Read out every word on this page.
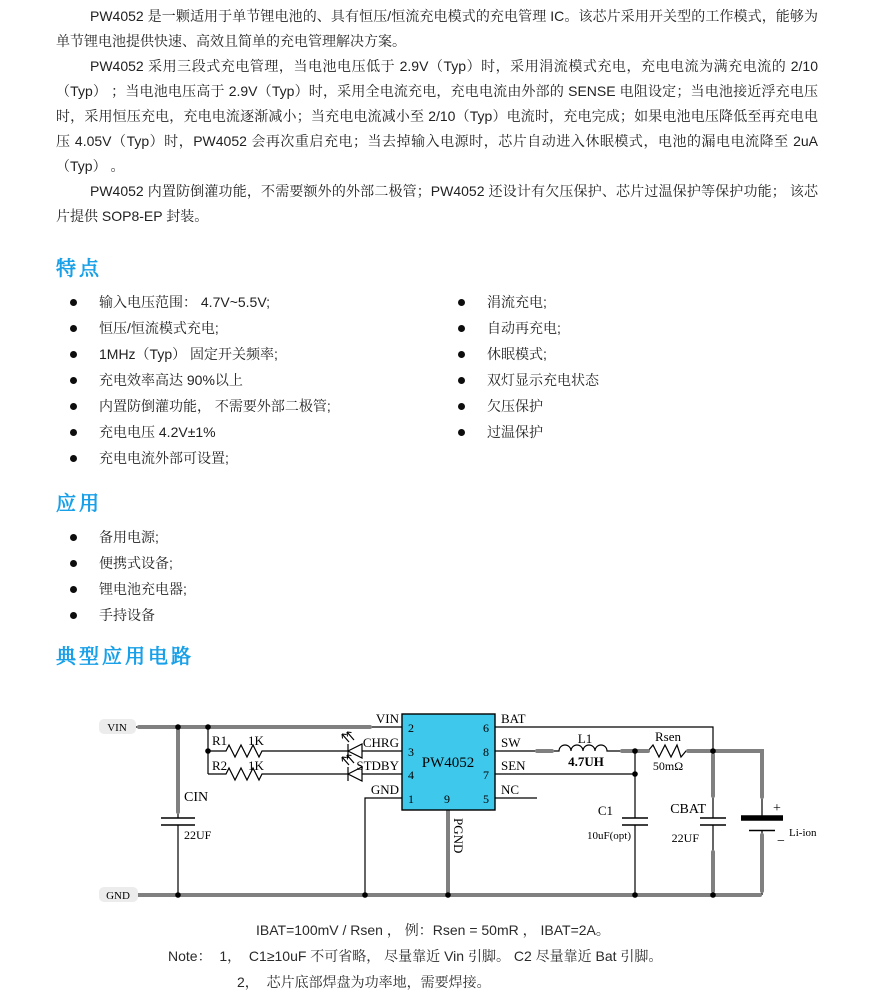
PW4052 是一颗适用于单节锂电池的、具有恒压/恒流充电模式的充电管理 IC。该芯片采用开关型的工作模式，能够为单节锂电池提供快速、高效且简单的充电管理解决方案。

PW4052 采用三段式充电管理，当电池电压低于 2.9V（Typ）时，采用涓流模式充电，充电电流为满充电流的 2/10（Typ） ；当电池电压高于 2.9V（Typ）时，采用全电流充电，充电电流由外部的 SENSE 电阻设定；当电池接近浮充电压时，采用恒压充电，充电电流逐渐减小；当充电电流减小至 2/10（Typ）电流时，充电完成；如果电池电压降低至再充电电压 4.05V（Typ）时，PW4052 会再次重启充电；当去掉输入电源时，芯片自动进入休眠模式，电池的漏电电流降至 2uA（Typ） 。

PW4052 内置防倒灌功能，不需要额外的外部二极管；PW4052 还设计有欠压保护、芯片过温保护等保护功能； 该芯片提供 SOP8-EP 封装。

特点
输入电压范围： 4.7V~5.5V;
恒压/恒流模式充电;
1MHz（Typ） 固定开关频率;
充电效率高达 90%以上
内置防倒灌功能， 不需要外部二极管;
充电电压 4.2V±1%
充电电流外部可设置;
涓流充电;
自动再充电;
休眠模式;
双灯显示充电状态
欠压保护
过温保护
应用
备用电源;
便携式设备;
锂电池充电器;
手持设备
典型应用电路
PW4052
2
3
4
1
6
8
7
5
9
VIN
CHRG
STDBY
GND
BAT
SW
SEN
NC
PGND
R1 1K
R2 1K
CIN
22UF
L1
4.7UH
Rsen
50mΩ
C1
10uF(opt)
CBAT
22UF
+
−
Li-ion
VIN
GND
IBAT=100mV / Rsen ， 例：Rsen = 50mR ， IBAT=2A。
Note：  1，  C1≥10uF 不可省略， 尽量靠近 Vin 引脚。 C2 尽量靠近 Bat 引脚。
2，  芯片底部焊盘为功率地，需要焊接。
